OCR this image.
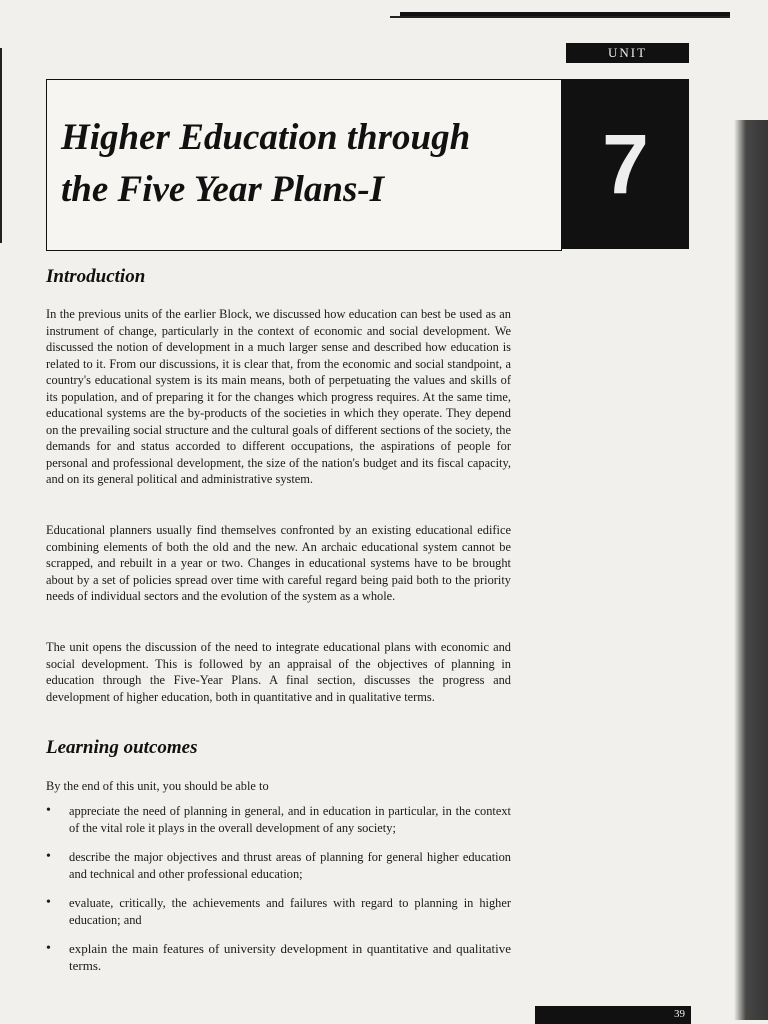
UNIT
Higher Education through
the Five Year Plans-I	7
Introduction

In the previous units of the earlier Block, we discussed how education can best be used as an instrument of change, particularly in the context of economic and social development. We discussed the notion of development in a much larger sense and described how education is related to it. From our discussions, it is clear that, from the economic and social standpoint, a country's educational system is its main means, both of perpetuating the values and skills of its population, and of preparing it for the changes which progress requires. At the same time, educational systems are the by-products of the societies in which they operate. They depend on the prevailing social structure and the cultural goals of different sections of the society, the demands for and status accorded to different occupations, the aspirations of people for personal and professional development, the size of the nation's budget and its fiscal capacity, and on its general political and administrative system.

Educational planners usually find themselves confronted by an existing educational edifice combining elements of both the old and the new. An archaic educational system cannot be scrapped, and rebuilt in a year or two. Changes in educational systems have to be brought about by a set of policies spread over time with careful regard being paid both to the priority needs of individual sectors and the evolution of the system as a whole.

The unit opens the discussion of the need to integrate educational plans with economic and social development. This is followed by an appraisal of the objectives of planning in education through the Five-Year Plans. A final section, discusses the progress and development of higher education, both in quantitative and in qualitative terms.

Learning outcomes

By the end of this unit, you should be able to

• appreciate the need of planning in general, and in education in particular, in the context of the vital role it plays in the overall development of any society;
• describe the major objectives and thrust areas of planning for general higher education and technical and other professional education;
• evaluate, critically, the achievements and failures with regard to planning in higher education; and
• explain the main features of university development in quantitative and qualitative terms.
39
